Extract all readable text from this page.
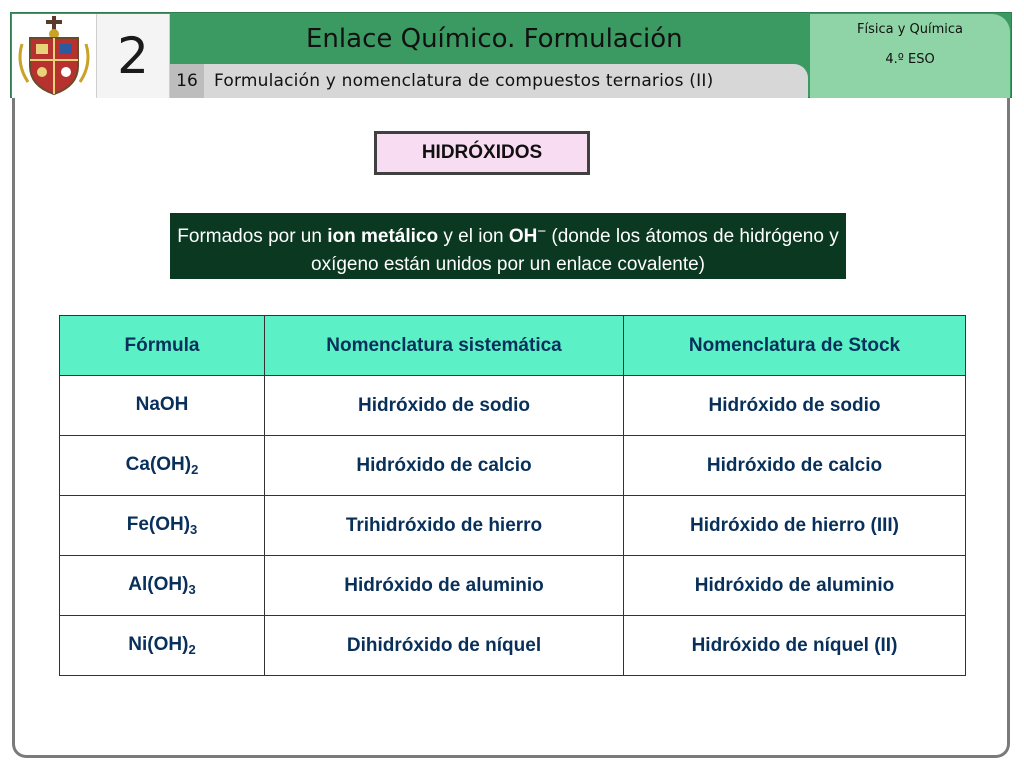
2	Enlace Químico. Formulación
16 Formulación y nomenclatura de compuestos ternarios (II)
Física y Química
4.º ESO
HIDRÓXIDOS
Formados por un ion metálico y el ion OH− (donde los átomos de hidrógeno y oxígeno están unidos por un enlace covalente)
Fórmula	Nomenclatura sistemática	Nomenclatura de Stock
NaOH	Hidróxido de sodio	Hidróxido de sodio
$Ca(OH)_2$	Hidróxido de calcio	Hidróxido de calcio
$Fe(OH)_3$	Trihidróxido de hierro	Hidróxido de hierro (III)
$Al(OH)_3$	Hidróxido de aluminio	Hidróxido de aluminio
$Ni(OH)_2$	Dihidróxido de níquel	Hidróxido de níquel (II)
